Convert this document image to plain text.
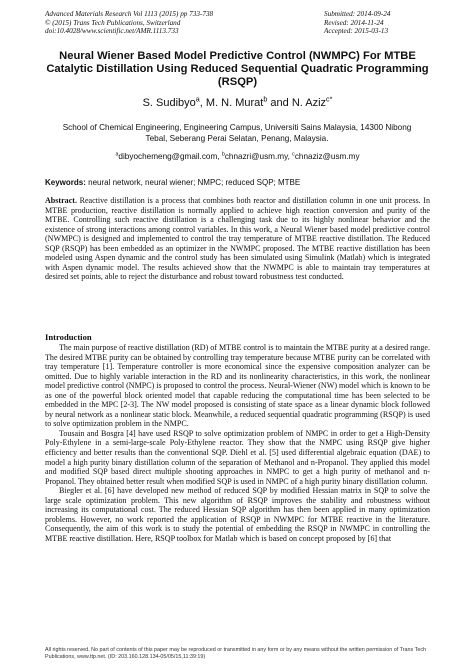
Advanced Materials Research Vol 1113 (2015) pp 733-738
© (2015) Trans Tech Publications, Switzerland
doi:10.4028/www.scientific.net/AMR.1113.733
Submitted: 2014-09-24
Revised: 2014-11-24
Accepted: 2015-03-13
Neural Wiener Based Model Predictive Control (NWMPC) For MTBE Catalytic Distillation Using Reduced Sequential Quadratic Programming (RSQP)
S. Sudibyo$^a$, M. N. Murat$^b$ and N. Aziz$^{c*}$
School of Chemical Engineering, Engineering Campus, Universiti Sains Malaysia, 14300 Nibong Tebal, Seberang Perai Selatan, Penang, Malaysia.
$^a$dibyochemeng@gmail.com, $^b$chnazri@usm.my, $^c$chnaziz@usm.my
Keywords: neural network, neural wiener; NMPC; reduced SQP; MTBE
Abstract. Reactive distillation is a process that combines both reactor and distillation column in one unit process. In MTBE production, reactive distillation is normally applied to achieve high reaction conversion and purity of the MTBE. Controlling such reactive distillation is a challenging task due to its highly nonlinear behavior and the existence of strong interactions among control variables. In this work, a Neural Wiener based model predictive control (NWMPC) is designed and implemented to control the tray temperature of MTBE reactive distillation. The Reduced SQP (RSQP) has been embedded as an optimizer in the NWMPC proposed. The MTBE reactive distillation has been modeled using Aspen dynamic and the control study has been simulated using Simulink (Matlab) which is integrated with Aspen dynamic model. The results achieved show that the NWMPC is able to maintain tray temperatures at desired set points, able to reject the disturbance and robust toward robustness test conducted.
Introduction

The main purpose of reactive distillation (RD) of MTBE control is to maintain the MTBE purity at a desired range. The desired MTBE purity can be obtained by controlling tray temperature because MTBE purity can be correlated with tray temperature [1]. Temperature controller is more economical since the expensive composition analyzer can be omitted. Due to highly variable interaction in the RD and its nonlinearity characteristics, in this work, the nonlinear model predictive control (NMPC) is proposed to control the process. Neural-Wiener (NW) model which is known to be as one of the powerful block oriented model that capable reducing the computational time has been selected to be embedded in the MPC [2-3]. The NW model proposed is consisting of state space as a linear dynamic block followed by neural network as a nonlinear static block. Meanwhile, a reduced sequential quadratic programming (RSQP) is used to solve optimization problem in the NMPC.

Tousain and Bosgra [4] have used RSQP to solve optimization problem of NMPC in order to get a High-Density Poly-Ethylene in a semi-large-scale Poly-Ethylene reactor. They show that the NMPC using RSQP give higher efficiency and better results than the conventional SQP. Diehl et al. [5] used differential algebraic equation (DAE) to model a high purity binary distillation column of the separation of Methanol and n-Propanol. They applied this model and modified SQP based direct multiple shooting approaches in NMPC to get a high purity of methanol and n-Propanol. They obtained better result when modified SQP is used in NMPC of a high purity binary distillation column.

Biegler et al. [6] have developed new method of reduced SQP by modified Hessian matrix in SQP to solve the large scale optimization problem. This new algorithm of RSQP improves the stability and robustness without increasing its computational cost. The reduced Hessian SQP algorithm has then been applied in many optimization problems. However, no work reported the application of RSQP in NWMPC for MTBE reactive in the literature. Consequently, the aim of this work is to study the potential of embedding the RSQP in NWMPC in controlling the MTBE reactive distillation. Here, RSQP toolbox for Matlab which is based on concept proposed by [6] that

All rights reserved. No part of contents of this paper may be reproduced or transmitted in any form or by any means without the written permission of Trans Tech Publications, www.ttp.net. (ID: 203.160.128.134-05/05/15,11:39:19)
